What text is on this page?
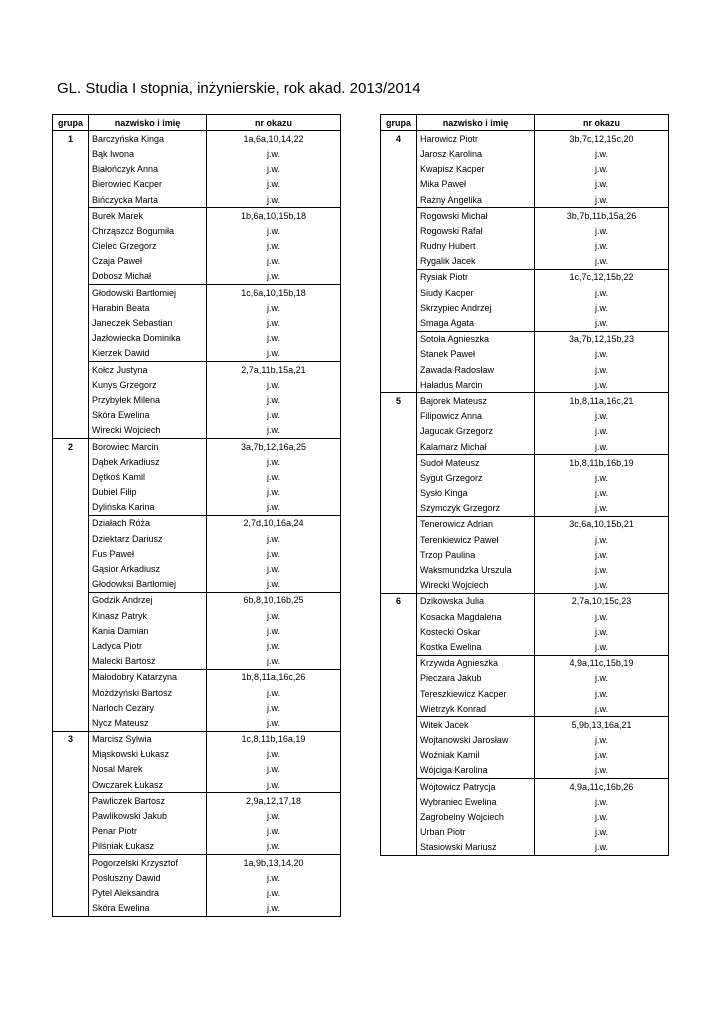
GL. Studia I stopnia, inżynierskie, rok akad. 2013/2014
grupa	nazwisko i imię	nr okazu
1	Barczyńska Kinga	1a,6a,10,14,22
	Bąk Iwona	j.w.
	Białończyk Anna	j.w.
	Bierowiec Kacper	j.w.
	Bińczycka Marta	j.w.
	Burek Marek	1b,6a,10,15b,18
	Chrząszcz Bogumiła	j.w.
	Cielec Grzegorz	j.w.
	Czaja Paweł	j.w.
	Dobosz Michał	j.w.
	Głodowski Bartłomiej	1c,6a,10,15b,18
	Harabin Beata	j.w.
	Janeczek Sebastian	j.w.
	Jazłowiecka Dominika	j.w.
	Kierzek Dawid	j.w.
	Kołcz Justyna	2,7a,11b,15a,21
	Kunys Grzegorz	j.w.
	Przybyłek Milena	j.w.
	Skóra Ewelina	j.w.
	Wirecki Wojciech	j.w.
2	Borowiec Marcin	3a,7b,12,16a,25
	Dąbek Arkadiusz	j.w.
	Dętkoś Kamil	j.w.
	Dubiel Filip	j.w.
	Dylińska Karina	j.w.
	Działach Róża	2,7d,10,16a,24
	Dziektarz Dariusz	j.w.
	Fus Paweł	j.w.
	Gąsior Arkadiusz	j.w.
	Głodowksi Bartłomiej	j.w.
	Godzik Andrzej	6b,8,10,16b,25
	Kinasz Patryk	j.w.
	Kania Damian	j.w.
	Ladyca Piotr	j.w.
	Malecki Bartosz	j.w.
	Małodobry Katarzyna	1b,8,11a,16c,26
	Możdżyński Bartosz	j.w.
	Narloch Cezary	j.w.
	Nycz Mateusz	j.w.
3	Marcisz Sylwia	1c,8,11b,16a,19
	Miąskowski Łukasz	j.w.
	Nosal Marek	j.w.
	Owczarek Łukasz	j.w.
	Pawliczek Bartosz	2,9a,12,17,18
	Pawlikowski Jakub	j.w.
	Penar Piotr	j.w.
	Pilśniak Łukasz	j.w.
	Pogorzelski Krzysztof	1a,9b,13,14,20
	Posłuszny Dawid	j.w.
	Pytel Aleksandra	j.w.
	Skóra Ewelina	j.w.
grupa	nazwisko i imię	nr okazu
4	Harowicz Piotr	3b,7c,12,15c,20
	Jarosz Karolina	j.w.
	Kwapisz Kacper	j.w.
	Mika Paweł	j.w.
	Rażny Angelika	j.w.
	Rogowski Michał	3b,7b,11b,15a,26
	Rogowski Rafał	j.w.
	Rudny Hubert	j.w.
	Rygalik Jacek	j.w.
	Rysiak Piotr	1c,7c,12,15b,22
	Siudy Kacper	j.w.
	Skrzypiec Andrzej	j.w.
	Smaga Agata	j.w.
	Sotoła Agnieszka	3a,7b,12,15b,23
	Stanek Paweł	j.w.
	Zawada Radosław	j.w.
	Haładus Marcin	j.w.
5	Bajorek Mateusz	1b,8,11a,16c,21
	Filipowicz Anna	j.w.
	Jagucak Grzegorz	j.w.
	Kalamarz Michał	j.w.
	Sudoł Mateusz	1b,8,11b,16b,19
	Sygut Grzegorz	j.w.
	Sysło Kinga	j.w.
	Szymczyk Grzegorz	j.w.
	Tenerowicz Adrian	3c,6a,10,15b,21
	Terenkiewicz Paweł	j.w.
	Trzop Paulina	j.w.
	Waksmundzka Urszula	j.w.
	Wirecki Wojciech	j.w.
6	Dzikowska Julia	2,7a,10,15c,23
	Kosacka Magdalena	j.w.
	Kostecki Oskar	j.w.
	Kostka Ewelina	j.w.
	Krzywda Agnieszka	4,9a,11c,15b,19
	Pieczara Jakub	j.w.
	Tereszkiewicz Kacper	j.w.
	Wietrzyk Konrad	j.w.
	Witek Jacek	5,9b,13,16a,21
	Wojtanowski Jarosław	j.w.
	Woźniak Kamil	j.w.
	Wójciga Karolina	j.w.
	Wójtowicz Patrycja	4,9a,11c,16b,26
	Wybraniec Ewelina	j.w.
	Zagrobelny Wojciech	j.w.
	Urban Piotr	j.w.
	Stasiowski Mariusz	j.w.
